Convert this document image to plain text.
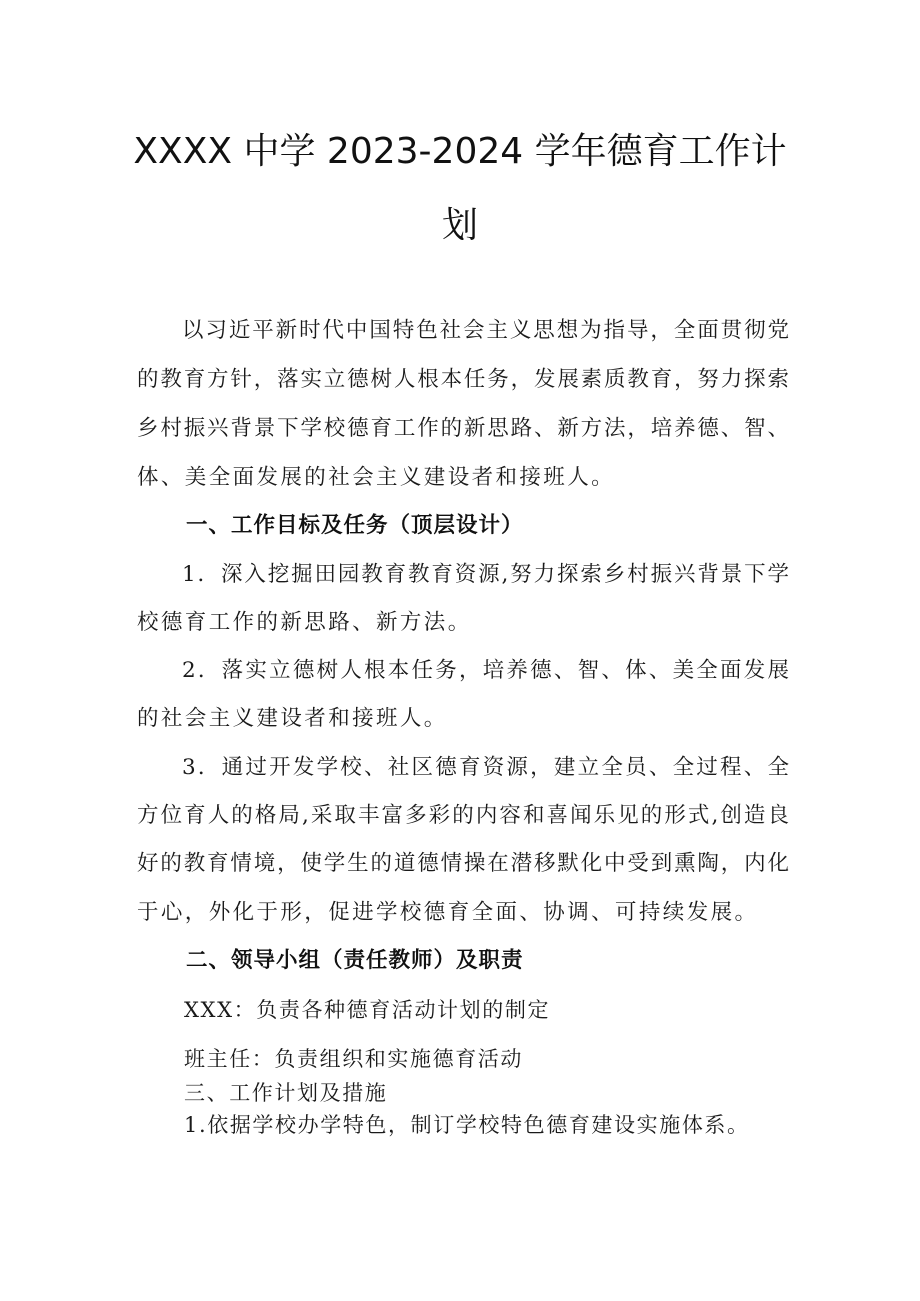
XXXX 中学 2023-2024 学年德育工作计
划

以习近平新时代中国特色社会主义思想为指导，全面贯彻党

的教育方针，落实立德树人根本任务，发展素质教育，努力探索

乡村振兴背景下学校德育工作的新思路、新方法，培养德、智、

体、美全面发展的社会主义建设者和接班人。

一、工作目标及任务（顶层设计）

1．深入挖掘田园教育教育资源,努力探索乡村振兴背景下学

校德育工作的新思路、新方法。

2．落实立德树人根本任务，培养德、智、体、美全面发展

的社会主义建设者和接班人。

3．通过开发学校、社区德育资源，建立全员、全过程、全

方位育人的格局,采取丰富多彩的内容和喜闻乐见的形式,创造良

好的教育情境，使学生的道德情操在潜移默化中受到熏陶，内化

于心，外化于形，促进学校德育全面、协调、可持续发展。

二、领导小组（责任教师）及职责

XXX：负责各种德育活动计划的制定

班主任：负责组织和实施德育活动

三、工作计划及措施

1.依据学校办学特色，制订学校特色德育建设实施体系。
